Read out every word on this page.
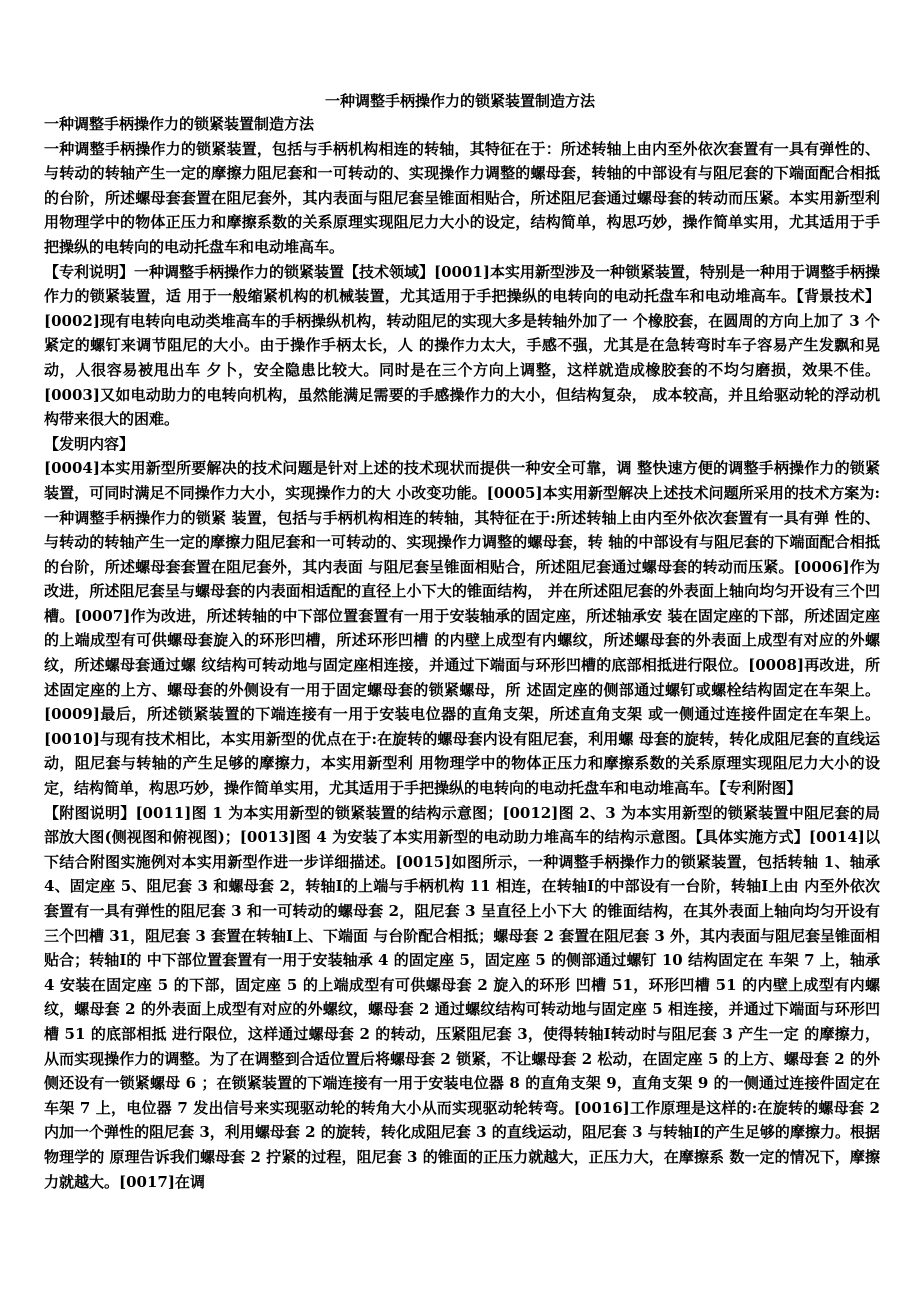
一种调整手柄操作力的锁紧装置制造方法

一种调整手柄操作力的锁紧装置制造方法

一种调整手柄操作力的锁紧装置，包括与手柄机构相连的转轴，其特征在于：所述转轴上由内至外依次套置有一具有弹性的、与转动的转轴产生一定的摩擦力阻尼套和一可转动的、实现操作力调整的螺母套，转轴的中部设有与阻尼套的下端面配合相抵的台阶，所述螺母套套置在阻尼套外，其内表面与阻尼套呈锥面相贴合，所述阻尼套通过螺母套的转动而压紧。本实用新型利用物理学中的物体正压力和摩擦系数的关系原理实现阻尼力大小的设定，结构简单，构思巧妙，操作简单实用，尤其适用于手把操纵的电转向的电动托盘车和电动堆高车。

【专利说明】一种调整手柄操作力的锁紧装置【技术领域】[0001]本实用新型涉及一种锁紧装置，特别是一种用于调整手柄操作力的锁紧装置，适 用于一般缩紧机构的机械装置，尤其适用于手把操纵的电转向的电动托盘车和电动堆高车。【背景技术】[0002]现有电转向电动类堆高车的手柄操纵机构，转动阻尼的实现大多是转轴外加了一 个橡胶套，在圆周的方向上加了 3 个紧定的螺钉来调节阻尼的大小。由于操作手柄太长，人 的操作力太大，手感不强，尤其是在急转弯时车子容易产生发飘和晃动，人很容易被甩出车 夕卜，安全隐患比较大。同时是在三个方向上调整，这样就造成橡胶套的不均匀磨损，效果不佳。[0003]又如电动助力的电转向机构，虽然能满足需要的手感操作力的大小，但结构复杂， 成本较高，并且给驱动轮的浮动机构带来很大的困难。

【发明内容】

[0004]本实用新型所要解决的技术问题是针对上述的技术现状而提供一种安全可靠，调 整快速方便的调整手柄操作力的锁紧装置，可同时满足不同操作力大小，实现操作力的大 小改变功能。[0005]本实用新型解决上述技术问题所采用的技术方案为:一种调整手柄操作力的锁紧 装置，包括与手柄机构相连的转轴，其特征在于:所述转轴上由内至外依次套置有一具有弹 性的、与转动的转轴产生一定的摩擦力阻尼套和一可转动的、实现操作力调整的螺母套，转 轴的中部设有与阻尼套的下端面配合相抵的台阶，所述螺母套套置在阻尼套外，其内表面 与阻尼套呈锥面相贴合，所述阻尼套通过螺母套的转动而压紧。[0006]作为改进，所述阻尼套呈与螺母套的内表面相适配的直径上小下大的锥面结构， 并在所述阻尼套的外表面上轴向均匀开设有三个凹槽。[0007]作为改进，所述转轴的中下部位置套置有一用于安装轴承的固定座，所述轴承安 装在固定座的下部，所述固定座的上端成型有可供螺母套旋入的环形凹槽，所述环形凹槽 的内壁上成型有内螺纹，所述螺母套的外表面上成型有对应的外螺纹，所述螺母套通过螺 纹结构可转动地与固定座相连接，并通过下端面与环形凹槽的底部相抵进行限位。[0008]再改进，所述固定座的上方、螺母套的外侧设有一用于固定螺母套的锁紧螺母，所 述固定座的侧部通过螺钉或螺栓结构固定在车架上。[0009]最后，所述锁紧装置的下端连接有一用于安装电位器的直角支架，所述直角支架 或一侧通过连接件固定在车架上。[0010]与现有技术相比，本实用新型的优点在于:在旋转的螺母套内设有阻尼套，利用螺 母套的旋转，转化成阻尼套的直线运动，阻尼套与转轴的产生足够的摩擦力，本实用新型利 用物理学中的物体正压力和摩擦系数的关系原理实现阻尼力大小的设定，结构简单，构思巧妙，操作简单实用，尤其适用于手把操纵的电转向的电动托盘车和电动堆高车。【专利附图】

【附图说明】[0011]图 1 为本实用新型的锁紧装置的结构示意图；[0012]图 2、3 为本实用新型的锁紧装置中阻尼套的局部放大图(侧视图和俯视图)；[0013]图 4 为安装了本实用新型的电动助力堆高车的结构示意图。【具体实施方式】[0014]以下结合附图实施例对本实用新型作进一步详细描述。[0015]如图所示，一种调整手柄操作力的锁紧装置，包括转轴 1、轴承 4、固定座 5、阻尼套 3 和螺母套 2，转轴Ⅰ的上端与手柄机构 11 相连，在转轴Ⅰ的中部设有一台阶，转轴Ⅰ上由 内至外依次套置有一具有弹性的阻尼套 3 和一可转动的螺母套 2，阻尼套 3 呈直径上小下大 的锥面结构，在其外表面上轴向均匀开设有三个凹槽 31，阻尼套 3 套置在转轴Ⅰ上、下端面 与台阶配合相抵；螺母套 2 套置在阻尼套 3 外，其内表面与阻尼套呈锥面相贴合；转轴Ⅰ的 中下部位置套置有一用于安装轴承 4 的固定座 5，固定座 5 的侧部通过螺钉 10 结构固定在 车架 7 上，轴承 4 安装在固定座 5 的下部，固定座 5 的上端成型有可供螺母套 2 旋入的环形 凹槽 51，环形凹槽 51 的内壁上成型有内螺纹，螺母套 2 的外表面上成型有对应的外螺纹，螺母套 2 通过螺纹结构可转动地与固定座 5 相连接，并通过下端面与环形凹槽 51 的底部相抵 进行限位，这样通过螺母套 2 的转动，压紧阻尼套 3，使得转轴Ⅰ转动时与阻尼套 3 产生一定 的摩擦力，从而实现操作力的调整。为了在调整到合适位置后将螺母套 2 锁紧，不让螺母套 2 松动，在固定座 5 的上方、螺母套 2 的外侧还设有一锁紧螺母 6 ；在锁紧装置的下端连接有一用于安装电位器 8 的直角支架 9，直角支架 9 的一侧通过连接件固定在车架 7 上，电位器 7 发出信号来实现驱动轮的转角大小从而实现驱动轮转弯。[0016]工作原理是这样的:在旋转的螺母套 2 内加一个弹性的阻尼套 3，利用螺母套 2 的旋转，转化成阻尼套 3 的直线运动，阻尼套 3 与转轴Ⅰ的产生足够的摩擦力。根据物理学的 原理告诉我们螺母套 2 拧紧的过程，阻尼套 3 的锥面的正压力就越大，正压力大，在摩擦系 数一定的情况下，摩擦力就越大。[0017]在调
